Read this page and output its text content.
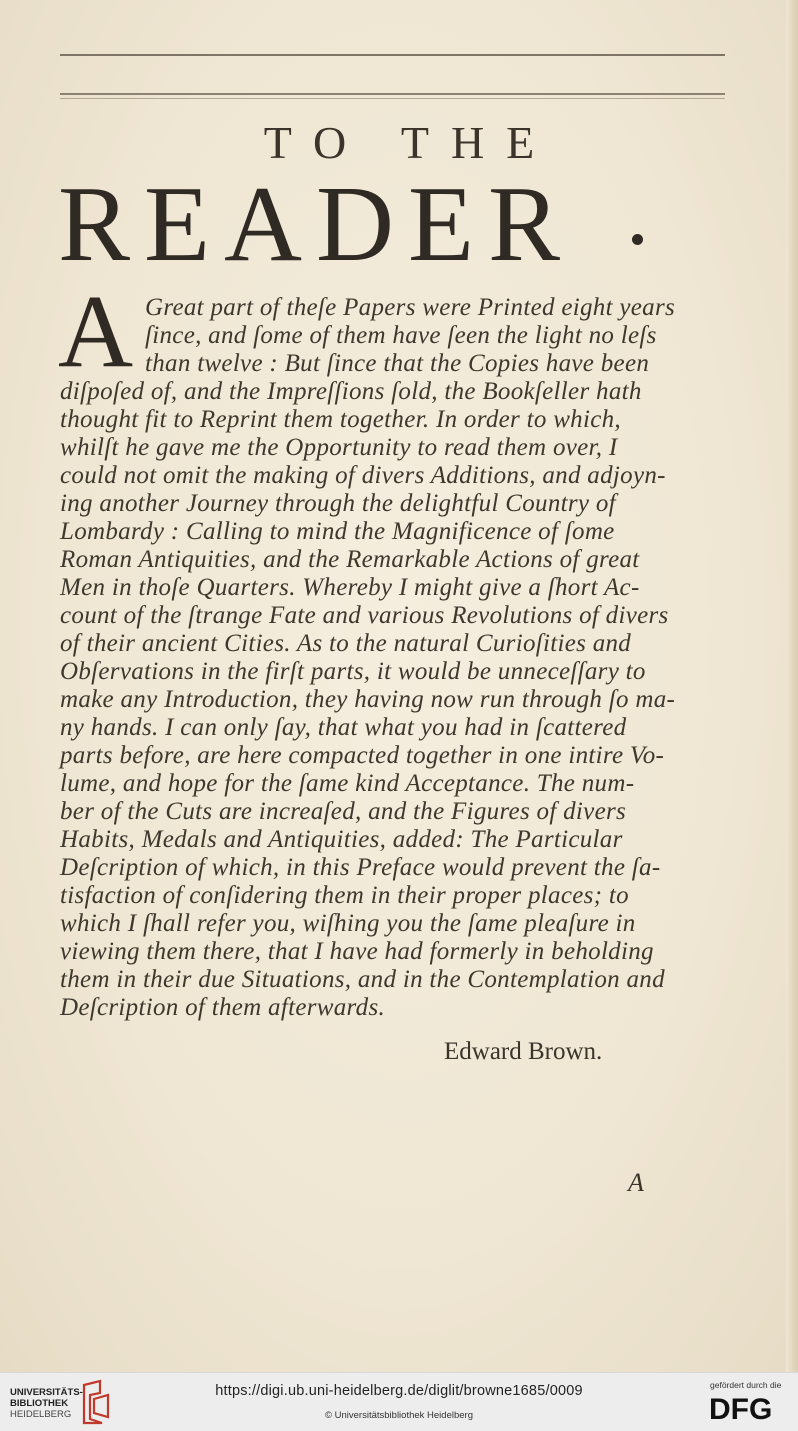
TO THE
READER
A Great part of theſe Papers were Printed eight years
ſince, and ſome of them have ſeen the light no leſs
than twelve : But ſince that the Copies have been
diſpoſed of, and the Impreſſions ſold, the Bookſeller hath
thought fit to Reprint them together. In order to which,
whilſt he gave me the Opportunity to read them over, I
could not omit the making of divers Additions, and adjoyn-
ing another Journey through the delightful Country of
Lombardy : Calling to mind the Magnificence of ſome
Roman Antiquities, and the Remarkable Actions of great
Men in thoſe Quarters. Whereby I might give a ſhort Ac-
count of the ſtrange Fate and various Revolutions of divers
of their ancient Cities. As to the natural Curioſities and
Obſervations in the firſt parts, it would be unneceſſary to
make any Introduction, they having now run through ſo ma-
ny hands. I can only ſay, that what you had in ſcattered
parts before, are here compacted together in one intire Vo-
lume, and hope for the ſame kind Acceptance. The num-
ber of the Cuts are increaſed, and the Figures of divers
Habits, Medals and Antiquities, added: The Particular
Deſcription of which, in this Preface would prevent the ſa-
tisfaction of conſidering them in their proper places; to
which I ſhall refer you, wiſhing you the ſame pleaſure in
viewing them there, that I have had formerly in beholding
them in their due Situations, and in the Contemplation and
Deſcription of them afterwards.
Edward Brown.
A
UNIVERSITÄTS-
BIBLIOTHEK
HEIDELBERG
https://digi.ub.uni-heidelberg.de/diglit/browne1685/0009
© Universitätsbibliothek Heidelberg
gefördert durch die
DFG
